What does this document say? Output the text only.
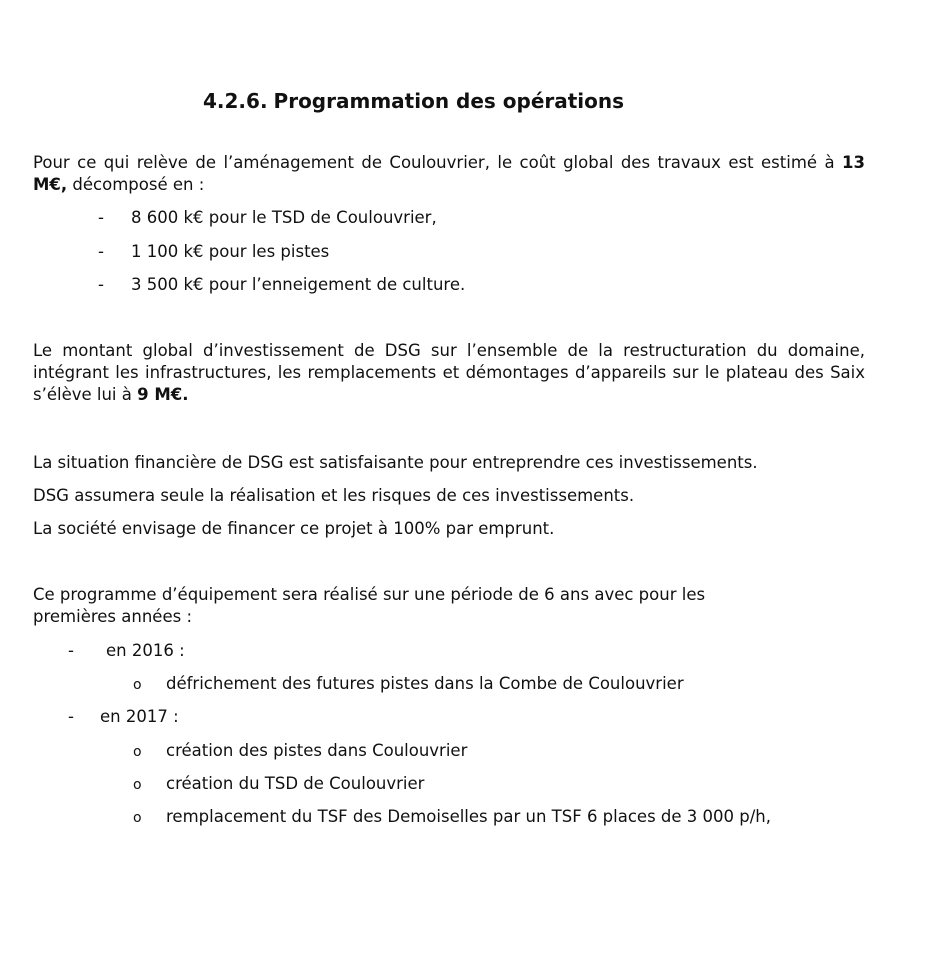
4.2.6. Programmation des opérations
Pour ce qui relève de l’aménagement de Coulouvrier, le coût global des travaux est estimé à 13 M€, décomposé en :
- 8 600 k€ pour le TSD de Coulouvrier,
- 1 100 k€ pour les pistes
- 3 500 k€ pour l’enneigement de culture.
Le montant global d’investissement de DSG sur l’ensemble de la restructuration du domaine, intégrant les infrastructures, les remplacements et démontages d’appareils sur le plateau des Saix s’élève lui à 9 M€.
La situation financière de DSG est satisfaisante pour entreprendre ces investissements.
DSG assumera seule la réalisation et les risques de ces investissements.
La société envisage de financer ce projet à 100% par emprunt.
Ce programme d’équipement sera réalisé sur une période de 6 ans avec pour les premières années :
- en 2016 :
o défrichement des futures pistes dans la Combe de Coulouvrier
- en 2017 :
o création des pistes dans Coulouvrier
o création du TSD de Coulouvrier
o remplacement du TSF des Demoiselles par un TSF 6 places de 3 000 p/h,
